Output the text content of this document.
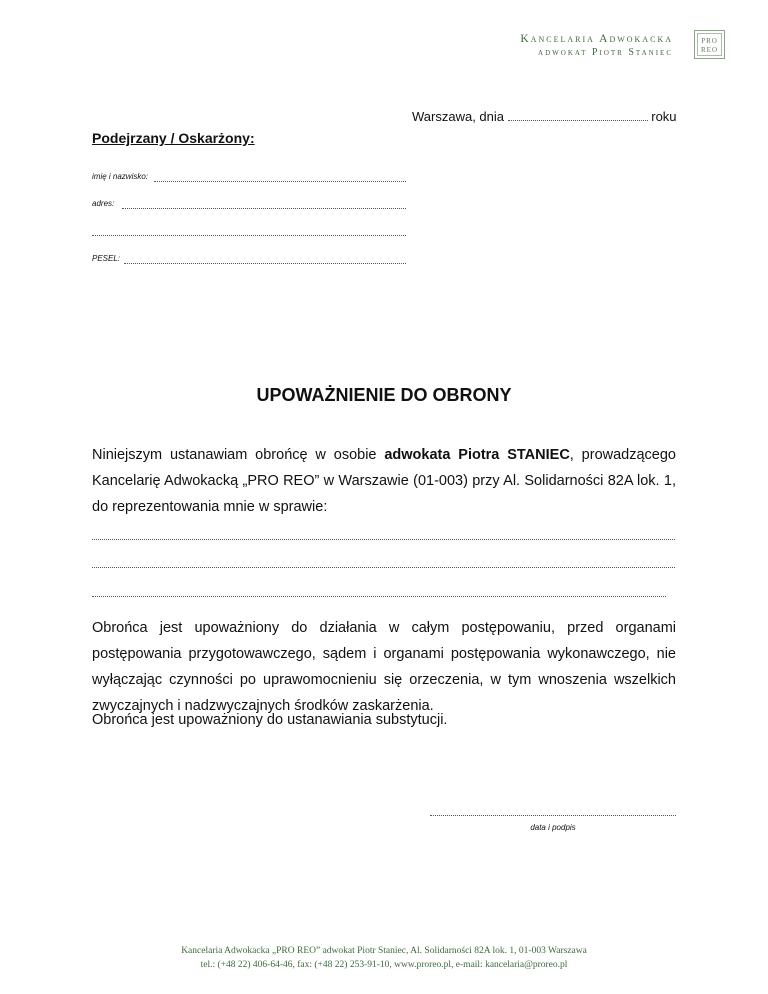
Kancelaria Adwokacka
adwokat Piotr Staniec
PRO
REO
Warszawa, dnia	roku
Podejrzany / Oskarżony:
imię i nazwisko:
adres:
PESEL:
UPOWAŻNIENIE DO OBRONY
Niniejszym ustanawiam obrońcę w osobie adwokata Piotra STANIEC, prowadzącego Kancelarię Adwokacką „PRO REO” w Warszawie (01-003) przy Al. Solidarności 82A lok. 1, do reprezentowania mnie w sprawie:
Obrońca jest upoważniony do działania w całym postępowaniu, przed organami postępowania przygotowawczego, sądem i organami postępowania wykonawczego, nie wyłączając czynności po uprawomocnieniu się orzeczenia, w tym wnoszenia wszelkich zwyczajnych i nadzwyczajnych środków zaskarżenia.
Obrońca jest upoważniony do ustanawiania substytucji.
data i podpis
Kancelaria Adwokacka „PRO REO” adwokat Piotr Staniec, Al. Solidarności 82A lok. 1, 01-003 Warszawa
tel.: (+48 22) 406-64-46, fax: (+48 22) 253-91-10, www.proreo.pl, e-mail: kancelaria@proreo.pl
